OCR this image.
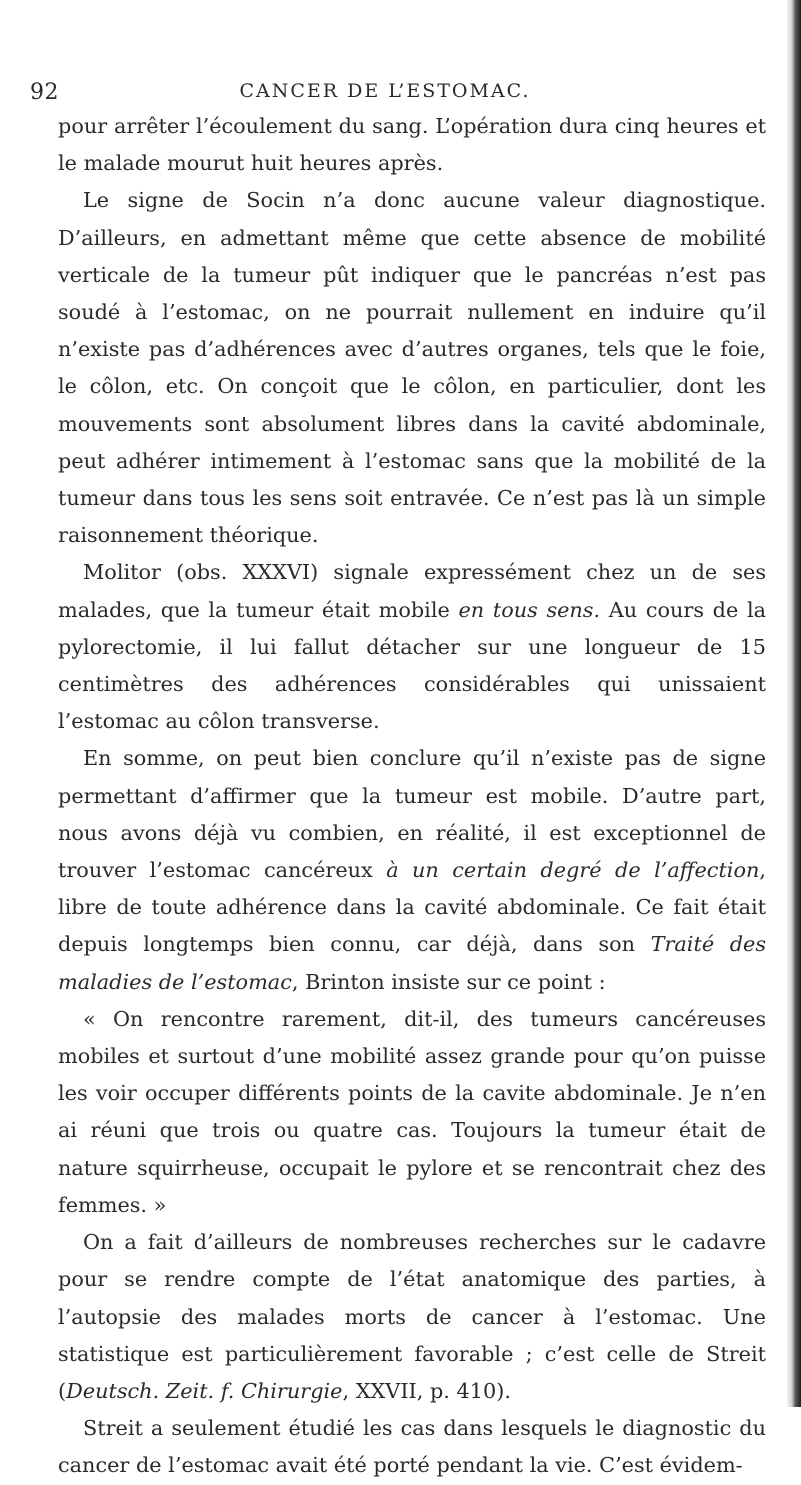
92	CANCER DE L’ESTOMAC.

pour arrêter l’écoulement du sang. L’opération dura cinq heures et le malade mourut huit heures après.

Le signe de Socin n’a donc aucune valeur diagnostique. D’ailleurs, en admettant même que cette absence de mobilité verticale de la tumeur pût indiquer que le pancréas n’est pas soudé à l’estomac, on ne pourrait nullement en induire qu’il n’existe pas d’adhérences avec d’autres organes, tels que le foie, le côlon, etc. On conçoit que le côlon, en particulier, dont les mouvements sont absolument libres dans la cavité abdominale, peut adhérer intimement à l’estomac sans que la mobilité de la tumeur dans tous les sens soit entravée. Ce n’est pas là un simple raisonnement théorique.

Molitor (obs. XXXVI) signale expressément chez un de ses malades, que la tumeur était mobile en tous sens. Au cours de la pylorectomie, il lui fallut détacher sur une longueur de 15 centimètres des adhérences considérables qui unissaient l’estomac au côlon transverse.

En somme, on peut bien conclure qu’il n’existe pas de signe permettant d’affirmer que la tumeur est mobile. D’autre part, nous avons déjà vu combien, en réalité, il est exceptionnel de trouver l’estomac cancéreux à un certain degré de l’affection, libre de toute adhérence dans la cavité abdominale. Ce fait était depuis longtemps bien connu, car déjà, dans son Traité des maladies de l’estomac, Brinton insiste sur ce point :

« On rencontre rarement, dit-il, des tumeurs cancéreuses mobiles et surtout d’une mobilité assez grande pour qu’on puisse les voir occuper différents points de la cavite abdominale. Je n’en ai réuni que trois ou quatre cas. Toujours la tumeur était de nature squirrheuse, occupait le pylore et se rencontrait chez des femmes. »

On a fait d’ailleurs de nombreuses recherches sur le cadavre pour se rendre compte de l’état anatomique des parties, à l’autopsie des malades morts de cancer à l’estomac. Une statistique est particulièrement favorable ; c’est celle de Streit (Deutsch. Zeit. f. Chirurgie, XXVII, p. 410).

Streit a seulement étudié les cas dans lesquels le diagnostic du cancer de l’estomac avait été porté pendant la vie. C’est évidem-
